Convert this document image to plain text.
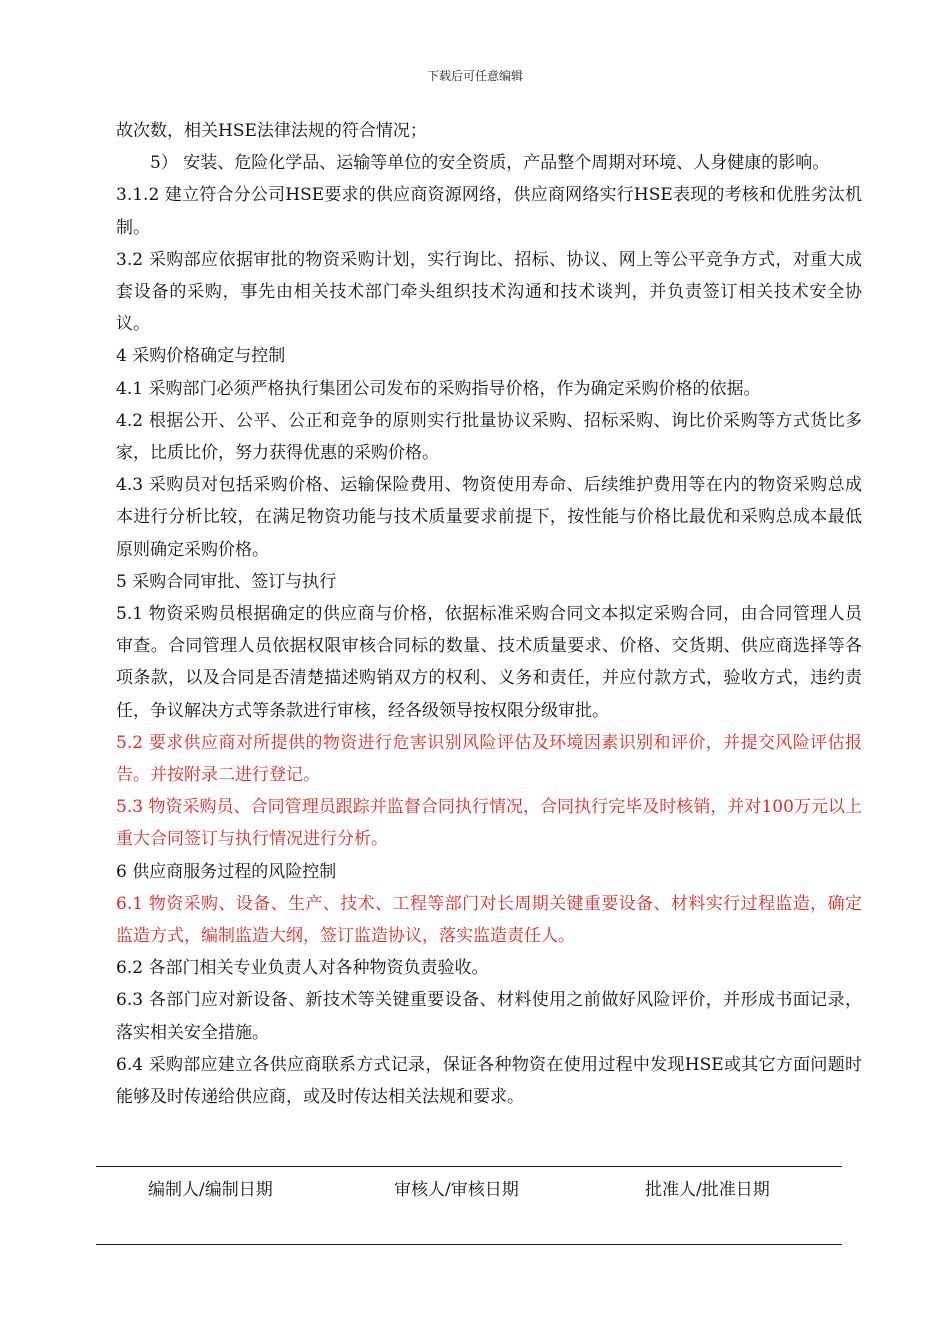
下载后可任意编辑

故次数，相关HSE法律法规的符合情况；

5） 安装、危险化学品、运输等单位的安全资质，产品整个周期对环境、人身健康的影响。

3.1.2 建立符合分公司HSE要求的供应商资源网络，供应商网络实行HSE表现的考核和优胜劣汰机制。

3.2 采购部应依据审批的物资采购计划，实行询比、招标、协议、网上等公平竞争方式，对重大成套设备的采购，事先由相关技术部门牵头组织技术沟通和技术谈判，并负责签订相关技术安全协议。

4 采购价格确定与控制

4.1 采购部门必须严格执行集团公司发布的采购指导价格，作为确定采购价格的依据。

4.2 根据公开、公平、公正和竞争的原则实行批量协议采购、招标采购、询比价采购等方式货比多家，比质比价，努力获得优惠的采购价格。

4.3 采购员对包括采购价格、运输保险费用、物资使用寿命、后续维护费用等在内的物资采购总成本进行分析比较，在满足物资功能与技术质量要求前提下，按性能与价格比最优和采购总成本最低原则确定采购价格。

5 采购合同审批、签订与执行

5.1 物资采购员根据确定的供应商与价格，依据标准采购合同文本拟定采购合同，由合同管理人员审查。合同管理人员依据权限审核合同标的数量、技术质量要求、价格、交货期、供应商选择等各项条款，以及合同是否清楚描述购销双方的权利、义务和责任，并应付款方式，验收方式，违约责任，争议解决方式等条款进行审核，经各级领导按权限分级审批。

5.2 要求供应商对所提供的物资进行危害识别风险评估及环境因素识别和评价，并提交风险评估报告。并按附录二进行登记。

5.3 物资采购员、合同管理员跟踪并监督合同执行情况，合同执行完毕及时核销，并对100万元以上重大合同签订与执行情况进行分析。

6 供应商服务过程的风险控制

6.1 物资采购、设备、生产、技术、工程等部门对长周期关键重要设备、材料实行过程监造，确定监造方式，编制监造大纲，签订监造协议，落实监造责任人。

6.2 各部门相关专业负责人对各种物资负责验收。

6.3 各部门应对新设备、新技术等关键重要设备、材料使用之前做好风险评价，并形成书面记录，落实相关安全措施。

6.4 采购部应建立各供应商联系方式记录，保证各种物资在使用过程中发现HSE或其它方面问题时能够及时传递给供应商，或及时传达相关法规和要求。

编制人/编制日期	审核人/审核日期	批准人/批准日期
